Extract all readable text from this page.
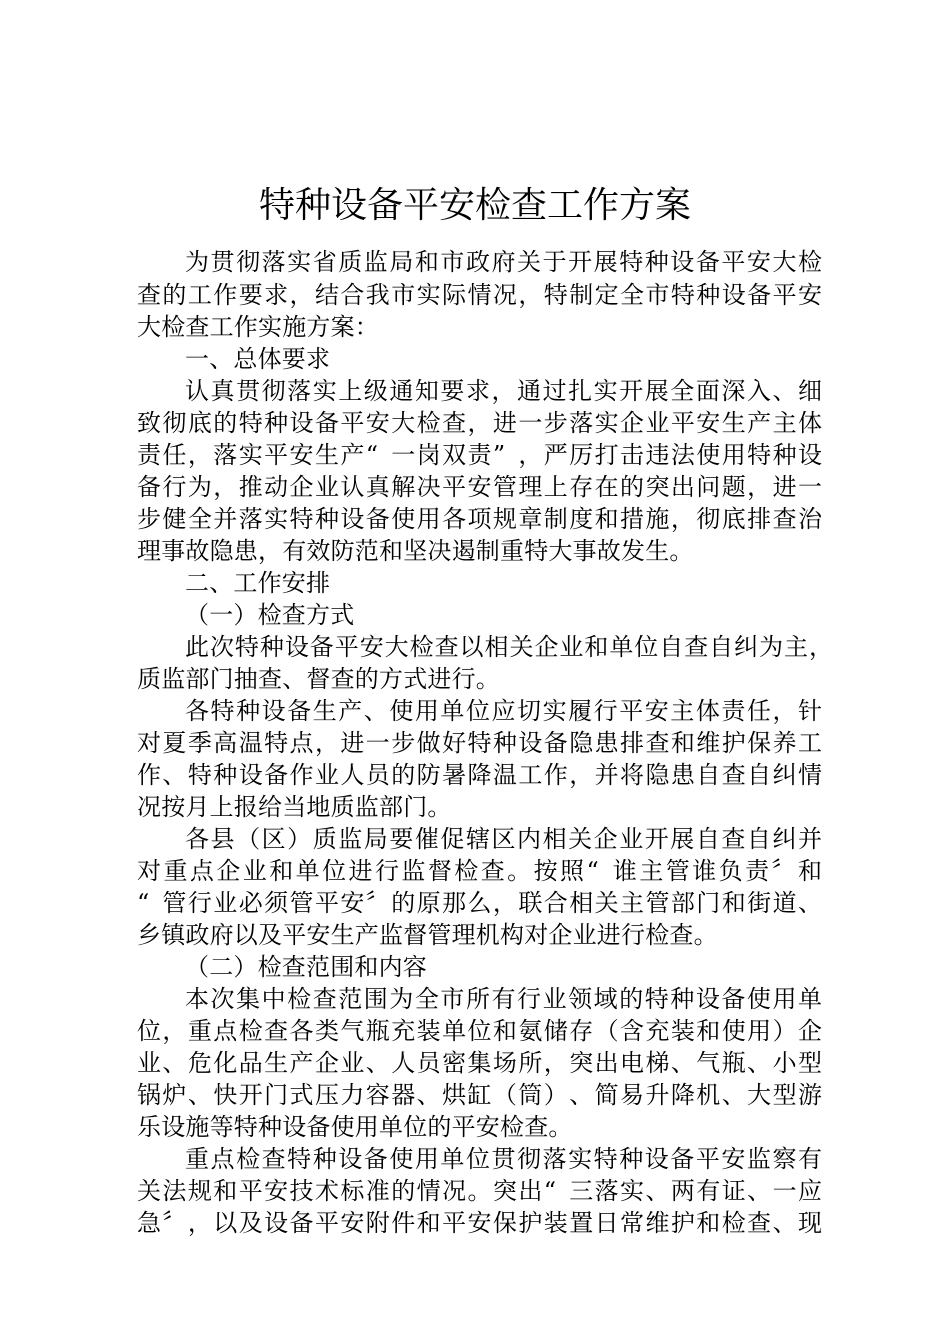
特种设备平安检查工作方案
为 贯 彻 落 实 省 质 监 局 和 市 政 府 关 于 开 展 特 种 设 备 平 安 大 检
查 的 工 作 要 求 ， 结 合 我 市 实 际 情 况 ， 特 制 定 全 市 特 种 设 备 平 安
大 检 查 工 作 实 施 方 案 ：
一 、 总 体 要 求
认 真 贯 彻 落 实 上 级 通 知 要 求 ， 通 过 扎 实 开 展 全 面 深 入 、 细
致 彻 底 的 特 种 设 备 平 安 大 检 查 ， 进 一 步 落 实 企 业 平 安 生 产 主 体
责 任 ， 落 实 平 安 生 产 “ 一 岗 双 责 ” ， 严 厉 打 击 违 法 使 用 特 种 设
备 行 为 ， 推 动 企 业 认 真 解 决 平 安 管 理 上 存 在 的 突 出 问 题 ， 进 一
步 健 全 并 落 实 特 种 设 备 使 用 各 项 规 章 制 度 和 措 施 ， 彻 底 排 查 治
理 事 故 隐 患 ， 有 效 防 范 和 坚 决 遏 制 重 特 大 事 故 发 生 。
二 、 工 作 安 排
（ 一 ） 检 查 方 式
此 次 特 种 设 备 平 安 大 检 查 以 相 关 企 业 和 单 位 自 查 自 纠 为 主 ，
质 监 部 门 抽 查 、 督 查 的 方 式 进 行 。
各 特 种 设 备 生 产 、 使 用 单 位 应 切 实 履 行 平 安 主 体 责 任 ， 针
对 夏 季 高 温 特 点 ， 进 一 步 做 好 特 种 设 备 隐 患 排 查 和 维 护 保 养 工
作 、 特 种 设 备 作 业 人 员 的 防 暑 降 温 工 作 ， 并 将 隐 患 自 查 自 纠 情
况 按 月 上 报 给 当 地 质 监 部 门 。
各 县 （ 区 ） 质 监 局 要 催 促 辖 区 内 相 关 企 业 开 展 自 查 自 纠 并
对 重 点 企 业 和 单 位 进 行 监 督 检 查 。 按 照 “ 谁 主 管 谁 负 责 〞 和
“ 管 行 业 必 须 管 平 安 〞 的 原 那 么 ， 联 合 相 关 主 管 部 门 和 街 道 、
乡 镇 政 府 以 及 平 安 生 产 监 督 管 理 机 构 对 企 业 进 行 检 查 。
（ 二 ） 检 查 范 围 和 内 容
本 次 集 中 检 查 范 围 为 全 市 所 有 行 业 领 域 的 特 种 设 备 使 用 单
位 ， 重 点 检 查 各 类 气 瓶 充 装 单 位 和 氨 储 存 （ 含 充 装 和 使 用 ） 企
业 、 危 化 品 生 产 企 业 、 人 员 密 集 场 所 ， 突 出 电 梯 、 气 瓶 、 小 型
锅 炉 、 快 开 门 式 压 力 容 器 、 烘 缸 （ 筒 ） 、 简 易 升 降 机 、 大 型 游
乐 设 施 等 特 种 设 备 使 用 单 位 的 平 安 检 查 。
重 点 检 查 特 种 设 备 使 用 单 位 贯 彻 落 实 特 种 设 备 平 安 监 察 有
关 法 规 和 平 安 技 术 标 准 的 情 况 。 突 出 “ 三 落 实 、 两 有 证 、 一 应
急 〞 ， 以 及 设 备 平 安 附 件 和 平 安 保 护 装 置 日 常 维 护 和 检 查 、 现
